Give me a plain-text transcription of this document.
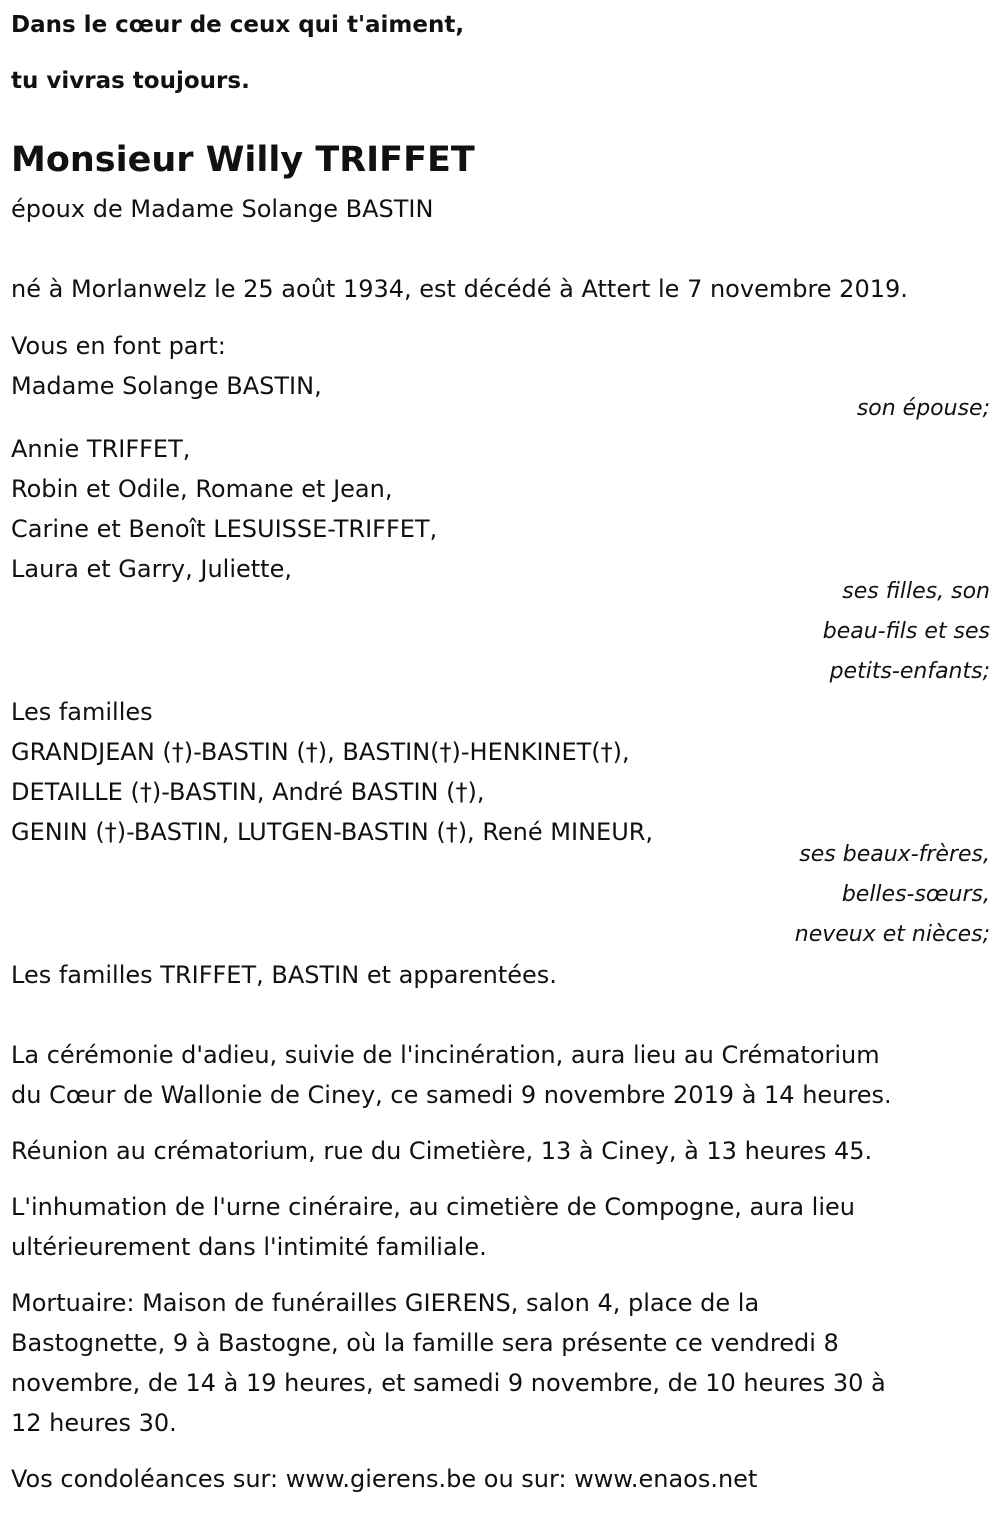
Dans le cœur de ceux qui t'aiment,
tu vivras toujours.
Monsieur Willy TRIFFET
époux de Madame Solange BASTIN
né à Morlanwelz le 25 août 1934, est décédé à Attert le 7 novembre 2019.
Vous en font part:
Madame Solange BASTIN,
son épouse;
Annie TRIFFET,
Robin et Odile, Romane et Jean,
Carine et Benoît LESUISSE-TRIFFET,
Laura et Garry, Juliette,
ses filles, son
beau-fils et ses
petits-enfants;
Les familles
GRANDJEAN (†)-BASTIN (†), BASTIN(†)-HENKINET(†),
DETAILLE (†)-BASTIN, André BASTIN (†),
GENIN (†)-BASTIN, LUTGEN-BASTIN (†), René MINEUR,
ses beaux-frères,
belles-sœurs,
neveux et nièces;
Les familles TRIFFET, BASTIN et apparentées.
La cérémonie d'adieu, suivie de l'incinération, aura lieu au Crématorium
du Cœur de Wallonie de Ciney, ce samedi 9 novembre 2019 à 14 heures.
Réunion au crématorium, rue du Cimetière, 13 à Ciney, à 13 heures 45.
L'inhumation de l'urne cinéraire, au cimetière de Compogne, aura lieu
ultérieurement dans l'intimité familiale.
Mortuaire: Maison de funérailles GIERENS, salon 4, place de la
Bastognette, 9 à Bastogne, où la famille sera présente ce vendredi 8
novembre, de 14 à 19 heures, et samedi 9 novembre, de 10 heures 30 à
12 heures 30.
Vos condoléances sur: www.gierens.be ou sur: www.enaos.net
